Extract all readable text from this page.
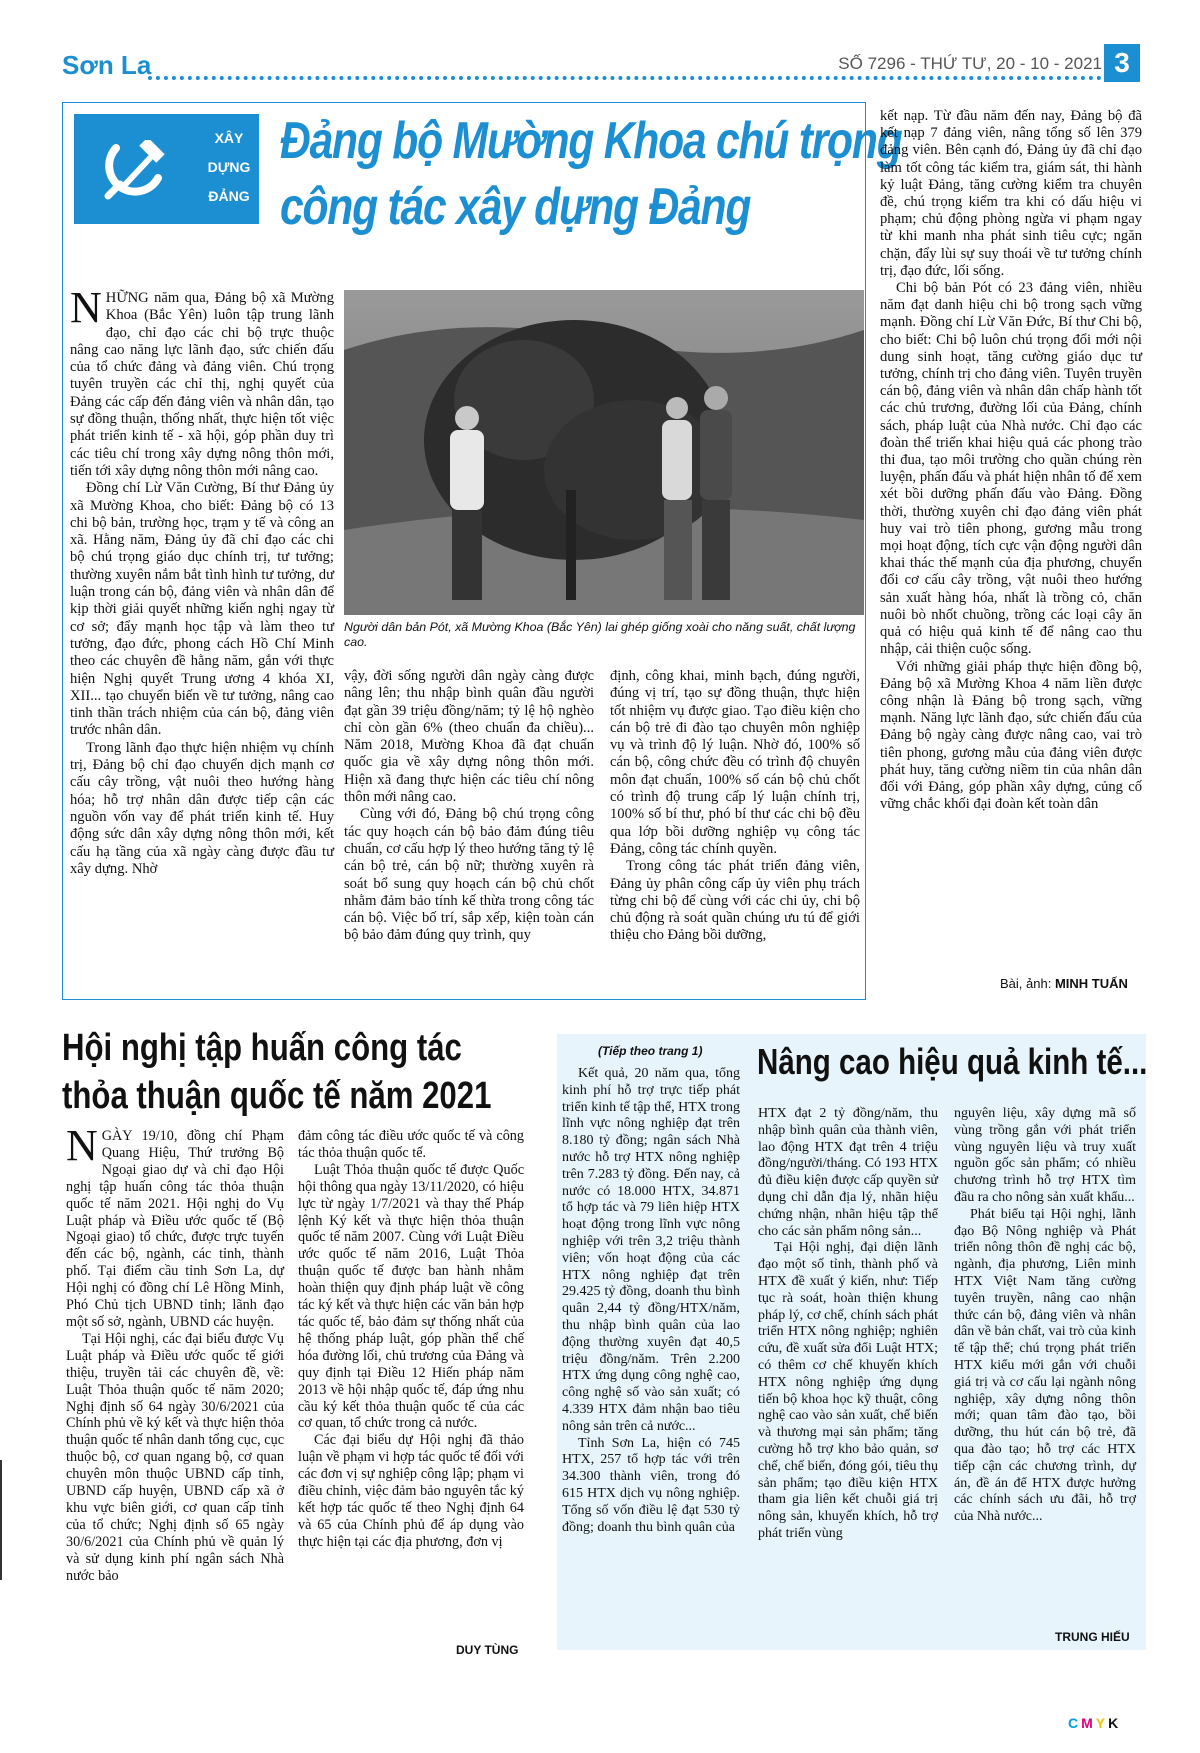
Sơn La	SỐ 7296 - THỨ TƯ, 20 - 10 - 2021 3
XÂY
DỰNG
ĐẢNG
Đảng bộ Mường Khoa chú trọng
công tác xây dựng Đảng

NHỮNG năm qua, Đảng bộ xã Mường Khoa (Bắc Yên) luôn tập trung lãnh đạo, chỉ đạo các chi bộ trực thuộc nâng cao năng lực lãnh đạo, sức chiến đấu của tổ chức đảng và đảng viên. Chú trọng tuyên truyền các chỉ thị, nghị quyết của Đảng các cấp đến đảng viên và nhân dân, tạo sự đồng thuận, thống nhất, thực hiện tốt việc phát triển kinh tế - xã hội, góp phần duy trì các tiêu chí trong xây dựng nông thôn mới, tiến tới xây dựng nông thôn mới nâng cao.

Đồng chí Lừ Văn Cường, Bí thư Đảng ủy xã Mường Khoa, cho biết: Đảng bộ có 13 chi bộ bản, trường học, trạm y tế và công an xã. Hằng năm, Đảng ủy đã chỉ đạo các chi bộ chú trọng giáo dục chính trị, tư tưởng; thường xuyên nắm bắt tình hình tư tưởng, dư luận trong cán bộ, đảng viên và nhân dân để kịp thời giải quyết những kiến nghị ngay từ cơ sở; đẩy mạnh học tập và làm theo tư tưởng, đạo đức, phong cách Hồ Chí Minh theo các chuyên đề hằng năm, gắn với thực hiện Nghị quyết Trung ương 4 khóa XI, XII... tạo chuyển biến về tư tưởng, nâng cao tinh thần trách nhiệm của cán bộ, đảng viên trước nhân dân.

Trong lãnh đạo thực hiện nhiệm vụ chính trị, Đảng bộ chỉ đạo chuyển dịch mạnh cơ cấu cây trồng, vật nuôi theo hướng hàng hóa; hỗ trợ nhân dân được tiếp cận các nguồn vốn vay để phát triển kinh tế. Huy động sức dân xây dựng nông thôn mới, kết cấu hạ tầng của xã ngày càng được đầu tư xây dựng. Nhờ

Người dân bản Pót, xã Mường Khoa (Bắc Yên) lai ghép giống xoài cho năng suất, chất lượng cao.

vậy, đời sống người dân ngày càng được nâng lên; thu nhập bình quân đầu người đạt gần 39 triệu đồng/năm; tỷ lệ hộ nghèo chỉ còn gần 6% (theo chuẩn đa chiều)... Năm 2018, Mường Khoa đã đạt chuẩn quốc gia về xây dựng nông thôn mới. Hiện xã đang thực hiện các tiêu chí nông thôn mới nâng cao.

Cùng với đó, Đảng bộ chú trọng công tác quy hoạch cán bộ bảo đảm đúng tiêu chuẩn, cơ cấu hợp lý theo hướng tăng tỷ lệ cán bộ trẻ, cán bộ nữ; thường xuyên rà soát bổ sung quy hoạch cán bộ chủ chốt nhằm đảm bảo tính kế thừa trong công tác cán bộ. Việc bố trí, sắp xếp, kiện toàn cán bộ bảo đảm đúng quy trình, quy

định, công khai, minh bạch, đúng người, đúng vị trí, tạo sự đồng thuận, thực hiện tốt nhiệm vụ được giao. Tạo điều kiện cho cán bộ trẻ đi đào tạo chuyên môn nghiệp vụ và trình độ lý luận. Nhờ đó, 100% số cán bộ, công chức đều có trình độ chuyên môn đạt chuẩn, 100% số cán bộ chủ chốt có trình độ trung cấp lý luận chính trị, 100% số bí thư, phó bí thư các chi bộ đều qua lớp bồi dưỡng nghiệp vụ công tác Đảng, công tác chính quyền.

Trong công tác phát triển đảng viên, Đảng ủy phân công cấp ủy viên phụ trách từng chi bộ để cùng với các chi ủy, chi bộ chủ động rà soát quần chúng ưu tú để giới thiệu cho Đảng bồi dưỡng,

kết nạp. Từ đầu năm đến nay, Đảng bộ đã kết nạp 7 đảng viên, nâng tổng số lên 379 đảng viên. Bên cạnh đó, Đảng ủy đã chỉ đạo làm tốt công tác kiểm tra, giám sát, thi hành kỷ luật Đảng, tăng cường kiểm tra chuyên đề, chú trọng kiểm tra khi có dấu hiệu vi phạm; chủ động phòng ngừa vi phạm ngay từ khi manh nha phát sinh tiêu cực; ngăn chặn, đẩy lùi sự suy thoái về tư tưởng chính trị, đạo đức, lối sống.

Chi bộ bản Pót có 23 đảng viên, nhiều năm đạt danh hiệu chi bộ trong sạch vững mạnh. Đồng chí Lừ Văn Đức, Bí thư Chi bộ, cho biết: Chi bộ luôn chú trọng đổi mới nội dung sinh hoạt, tăng cường giáo dục tư tưởng, chính trị cho đảng viên. Tuyên truyền cán bộ, đảng viên và nhân dân chấp hành tốt các chủ trương, đường lối của Đảng, chính sách, pháp luật của Nhà nước. Chỉ đạo các đoàn thể triển khai hiệu quả các phong trào thi đua, tạo môi trường cho quần chúng rèn luyện, phấn đấu và phát hiện nhân tố để xem xét bồi dưỡng phấn đấu vào Đảng. Đồng thời, thường xuyên chỉ đạo đảng viên phát huy vai trò tiên phong, gương mẫu trong mọi hoạt động, tích cực vận động người dân khai thác thế mạnh của địa phương, chuyển đổi cơ cấu cây trồng, vật nuôi theo hướng sản xuất hàng hóa, nhất là trồng cỏ, chăn nuôi bò nhốt chuồng, trồng các loại cây ăn quả có hiệu quả kinh tế để nâng cao thu nhập, cải thiện cuộc sống.

Với những giải pháp thực hiện đồng bộ, Đảng bộ xã Mường Khoa 4 năm liền được công nhận là Đảng bộ trong sạch, vững mạnh. Năng lực lãnh đạo, sức chiến đấu của Đảng bộ ngày càng được nâng cao, vai trò tiên phong, gương mẫu của đảng viên được phát huy, tăng cường niềm tin của nhân dân đối với Đảng, góp phần xây dựng, củng cố vững chắc khối đại đoàn kết toàn dân

Bài, ảnh: MINH TUẤN
Hội nghị tập huấn công tác
thỏa thuận quốc tế năm 2021

NGÀY 19/10, đồng chí Phạm Quang Hiệu, Thứ trưởng Bộ Ngoại giao dự và chỉ đạo Hội nghị tập huấn công tác thỏa thuận quốc tế năm 2021. Hội nghị do Vụ Luật pháp và Điều ước quốc tế (Bộ Ngoại giao) tổ chức, được trực tuyến đến các bộ, ngành, các tỉnh, thành phố. Tại điểm cầu tỉnh Sơn La, dự Hội nghị có đồng chí Lê Hồng Minh, Phó Chủ tịch UBND tỉnh; lãnh đạo một số sở, ngành, UBND các huyện.

Tại Hội nghị, các đại biểu được Vụ Luật pháp và Điều ước quốc tế giới thiệu, truyền tải các chuyên đề, về: Luật Thỏa thuận quốc tế năm 2020; Nghị định số 64 ngày 30/6/2021 của Chính phủ về ký kết và thực hiện thỏa thuận quốc tế nhân danh tổng cục, cục thuộc bộ, cơ quan ngang bộ, cơ quan chuyên môn thuộc UBND cấp tỉnh, UBND cấp huyện, UBND cấp xã ở khu vực biên giới, cơ quan cấp tỉnh của tổ chức; Nghị định số 65 ngày 30/6/2021 của Chính phủ về quản lý và sử dụng kinh phí ngân sách Nhà nước bảo

đảm công tác điều ước quốc tế và công tác thỏa thuận quốc tế.

Luật Thỏa thuận quốc tế được Quốc hội thông qua ngày 13/11/2020, có hiệu lực từ ngày 1/7/2021 và thay thế Pháp lệnh Ký kết và thực hiện thỏa thuận quốc tế năm 2007. Cùng với Luật Điều ước quốc tế năm 2016, Luật Thỏa thuận quốc tế được ban hành nhằm hoàn thiện quy định pháp luật về công tác ký kết và thực hiện các văn bản hợp tác quốc tế, bảo đảm sự thống nhất của hệ thống pháp luật, góp phần thể chế hóa đường lối, chủ trương của Đảng và quy định tại Điều 12 Hiến pháp năm 2013 về hội nhập quốc tế, đáp ứng nhu cầu ký kết thỏa thuận quốc tế của các cơ quan, tổ chức trong cả nước.

Các đại biểu dự Hội nghị đã thảo luận về phạm vi hợp tác quốc tế đối với các đơn vị sự nghiệp công lập; phạm vi điều chỉnh, việc đảm bảo nguyên tắc ký kết hợp tác quốc tế theo Nghị định 64 và 65 của Chính phủ để áp dụng vào thực hiện tại các địa phương, đơn vị

DUY TÙNG
(Tiếp theo trang 1) Nâng cao hiệu quả kinh tế...

Kết quả, 20 năm qua, tổng kinh phí hỗ trợ trực tiếp phát triển kinh tế tập thể, HTX trong lĩnh vực nông nghiệp đạt trên 8.180 tỷ đồng; ngân sách Nhà nước hỗ trợ HTX nông nghiệp trên 7.283 tỷ đồng. Đến nay, cả nước có 18.000 HTX, 34.871 tổ hợp tác và 79 liên hiệp HTX hoạt động trong lĩnh vực nông nghiệp với trên 3,2 triệu thành viên; vốn hoạt động của các HTX nông nghiệp đạt trên 29.425 tỷ đồng, doanh thu bình quân 2,44 tỷ đồng/HTX/năm, thu nhập bình quân của lao động thường xuyên đạt 40,5 triệu đồng/năm. Trên 2.200 HTX ứng dụng công nghệ cao, công nghệ số vào sản xuất; có 4.339 HTX đảm nhận bao tiêu nông sản trên cả nước...

Tỉnh Sơn La, hiện có 745 HTX, 257 tổ hợp tác với trên 34.300 thành viên, trong đó 615 HTX dịch vụ nông nghiệp. Tổng số vốn điều lệ đạt 530 tỷ đồng; doanh thu bình quân của

HTX đạt 2 tỷ đồng/năm, thu nhập bình quân của thành viên, lao động HTX đạt trên 4 triệu đồng/người/tháng. Có 193 HTX đủ điều kiện được cấp quyền sử dụng chỉ dẫn địa lý, nhãn hiệu chứng nhận, nhãn hiệu tập thể cho các sản phẩm nông sản...

Tại Hội nghị, đại diện lãnh đạo một số tỉnh, thành phố và HTX đề xuất ý kiến, như: Tiếp tục rà soát, hoàn thiện khung pháp lý, cơ chế, chính sách phát triển HTX nông nghiệp; nghiên cứu, đề xuất sửa đổi Luật HTX; có thêm cơ chế khuyến khích HTX nông nghiệp ứng dụng tiến bộ khoa học kỹ thuật, công nghệ cao vào sản xuất, chế biến và thương mại sản phẩm; tăng cường hỗ trợ kho bảo quản, sơ chế, chế biến, đóng gói, tiêu thụ sản phẩm; tạo điều kiện HTX tham gia liên kết chuỗi giá trị nông sản, khuyến khích, hỗ trợ phát triển vùng

nguyên liệu, xây dựng mã số vùng trồng gắn với phát triển vùng nguyên liệu và truy xuất nguồn gốc sản phẩm; có nhiều chương trình hỗ trợ HTX tìm đầu ra cho nông sản xuất khẩu...

Phát biểu tại Hội nghị, lãnh đạo Bộ Nông nghiệp và Phát triển nông thôn đề nghị các bộ, ngành, địa phương, Liên minh HTX Việt Nam tăng cường tuyên truyền, nâng cao nhận thức cán bộ, đảng viên và nhân dân về bản chất, vai trò của kinh tế tập thể; chú trọng phát triển HTX kiểu mới gắn với chuỗi giá trị và cơ cấu lại ngành nông nghiệp, xây dựng nông thôn mới; quan tâm đào tạo, bồi dưỡng, thu hút cán bộ trẻ, đã qua đào tạo; hỗ trợ các HTX tiếp cận các chương trình, dự án, đề án để HTX được hưởng các chính sách ưu đãi, hỗ trợ của Nhà nước...

TRUNG HIẾU
CMYK
